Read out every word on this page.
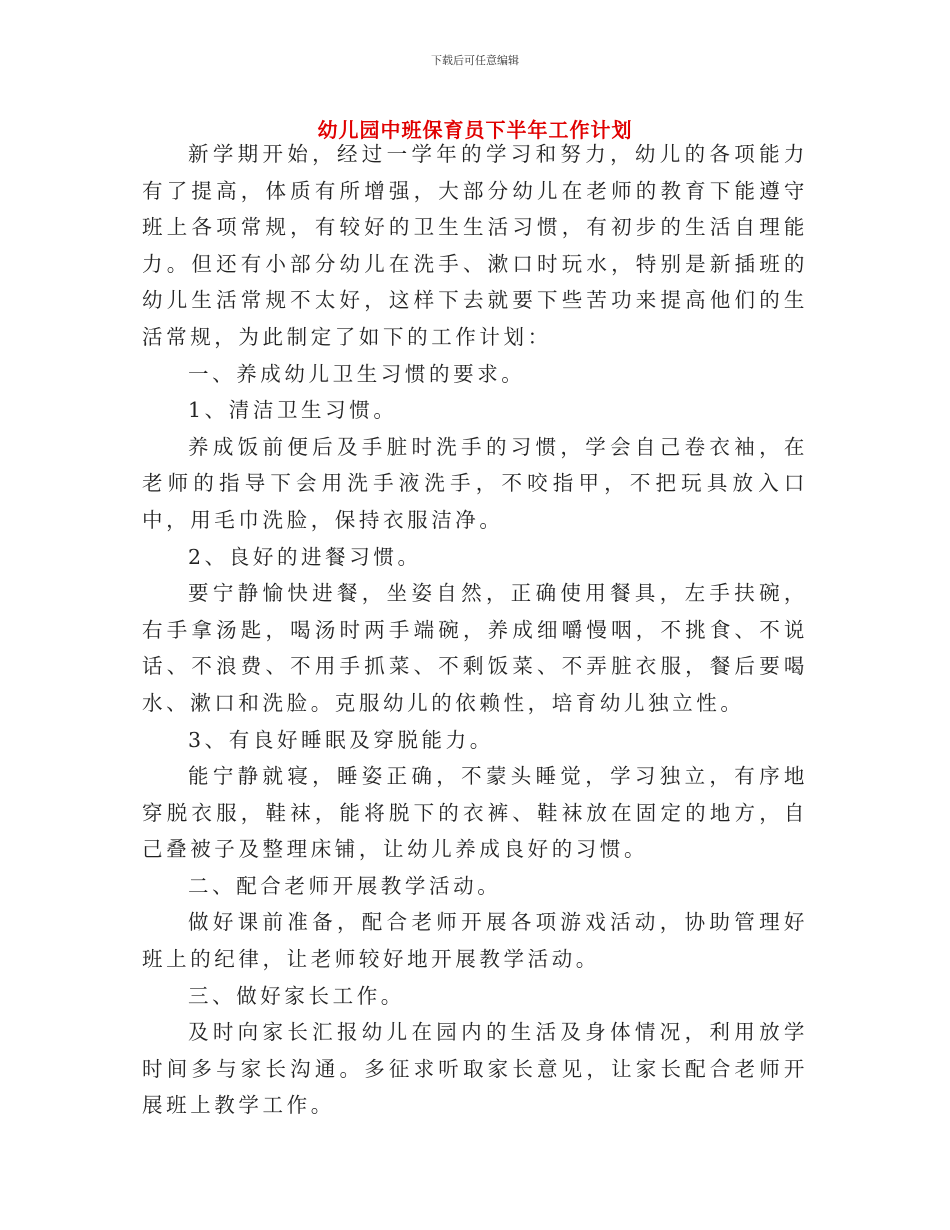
下载后可任意编辑
幼儿园中班保育员下半年工作计划

新学期开始，经过一学年的学习和努力，幼儿的各项能力有了提高，体质有所增强，大部分幼儿在老师的教育下能遵守班上各项常规，有较好的卫生生活习惯，有初步的生活自理能力。但还有小部分幼儿在洗手、漱口时玩水，特别是新插班的幼儿生活常规不太好，这样下去就要下些苦功来提高他们的生活常规，为此制定了如下的工作计划：

一、养成幼儿卫生习惯的要求。

1、清洁卫生习惯。

养成饭前便后及手脏时洗手的习惯，学会自己卷衣袖，在老师的指导下会用洗手液洗手，不咬指甲，不把玩具放入口中，用毛巾洗脸，保持衣服洁净。

2、良好的进餐习惯。

要宁静愉快进餐，坐姿自然，正确使用餐具，左手扶碗，右手拿汤匙，喝汤时两手端碗，养成细嚼慢咽，不挑食、不说话、不浪费、不用手抓菜、不剩饭菜、不弄脏衣服，餐后要喝水、漱口和洗脸。克服幼儿的依赖性，培育幼儿独立性。

3、有良好睡眠及穿脱能力。

能宁静就寝，睡姿正确，不蒙头睡觉，学习独立，有序地穿脱衣服，鞋袜，能将脱下的衣裤、鞋袜放在固定的地方，自己叠被子及整理床铺，让幼儿养成良好的习惯。

二、配合老师开展教学活动。

做好课前准备，配合老师开展各项游戏活动，协助管理好班上的纪律，让老师较好地开展教学活动。

三、做好家长工作。

及时向家长汇报幼儿在园内的生活及身体情况，利用放学时间多与家长沟通。多征求听取家长意见，让家长配合老师开展班上教学工作。
